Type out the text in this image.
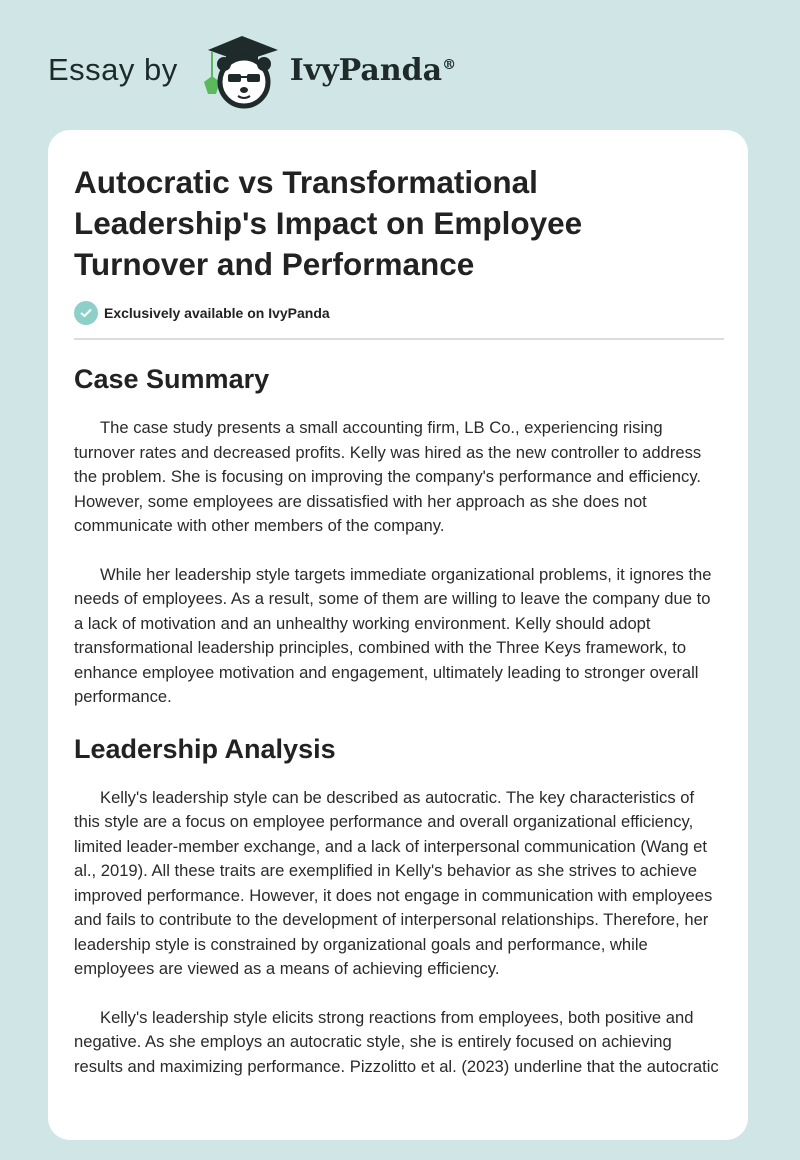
Essay by	IvyPanda®
Autocratic vs Transformational Leadership's Impact on Employee Turnover and Performance
Exclusively available on IvyPanda
Case Summary

The case study presents a small accounting firm, LB Co., experiencing rising
turnover rates and decreased profits. Kelly was hired as the new controller to address
the problem. She is focusing on improving the company's performance and efficiency.
However, some employees are dissatisfied with her approach as she does not
communicate with other members of the company.

While her leadership style targets immediate organizational problems, it ignores the
needs of employees. As a result, some of them are willing to leave the company due to
a lack of motivation and an unhealthy working environment. Kelly should adopt
transformational leadership principles, combined with the Three Keys framework, to
enhance employee motivation and engagement, ultimately leading to stronger overall
performance.

Leadership Analysis

Kelly's leadership style can be described as autocratic. The key characteristics of
this style are a focus on employee performance and overall organizational efficiency,
limited leader-member exchange, and a lack of interpersonal communication (Wang et
al., 2019). All these traits are exemplified in Kelly's behavior as she strives to achieve
improved performance. However, it does not engage in communication with employees
and fails to contribute to the development of interpersonal relationships. Therefore, her
leadership style is constrained by organizational goals and performance, while
employees are viewed as a means of achieving efficiency.

Kelly's leadership style elicits strong reactions from employees, both positive and
negative. As she employs an autocratic style, she is entirely focused on achieving
results and maximizing performance. Pizzolitto et al. (2023) underline that the autocratic
